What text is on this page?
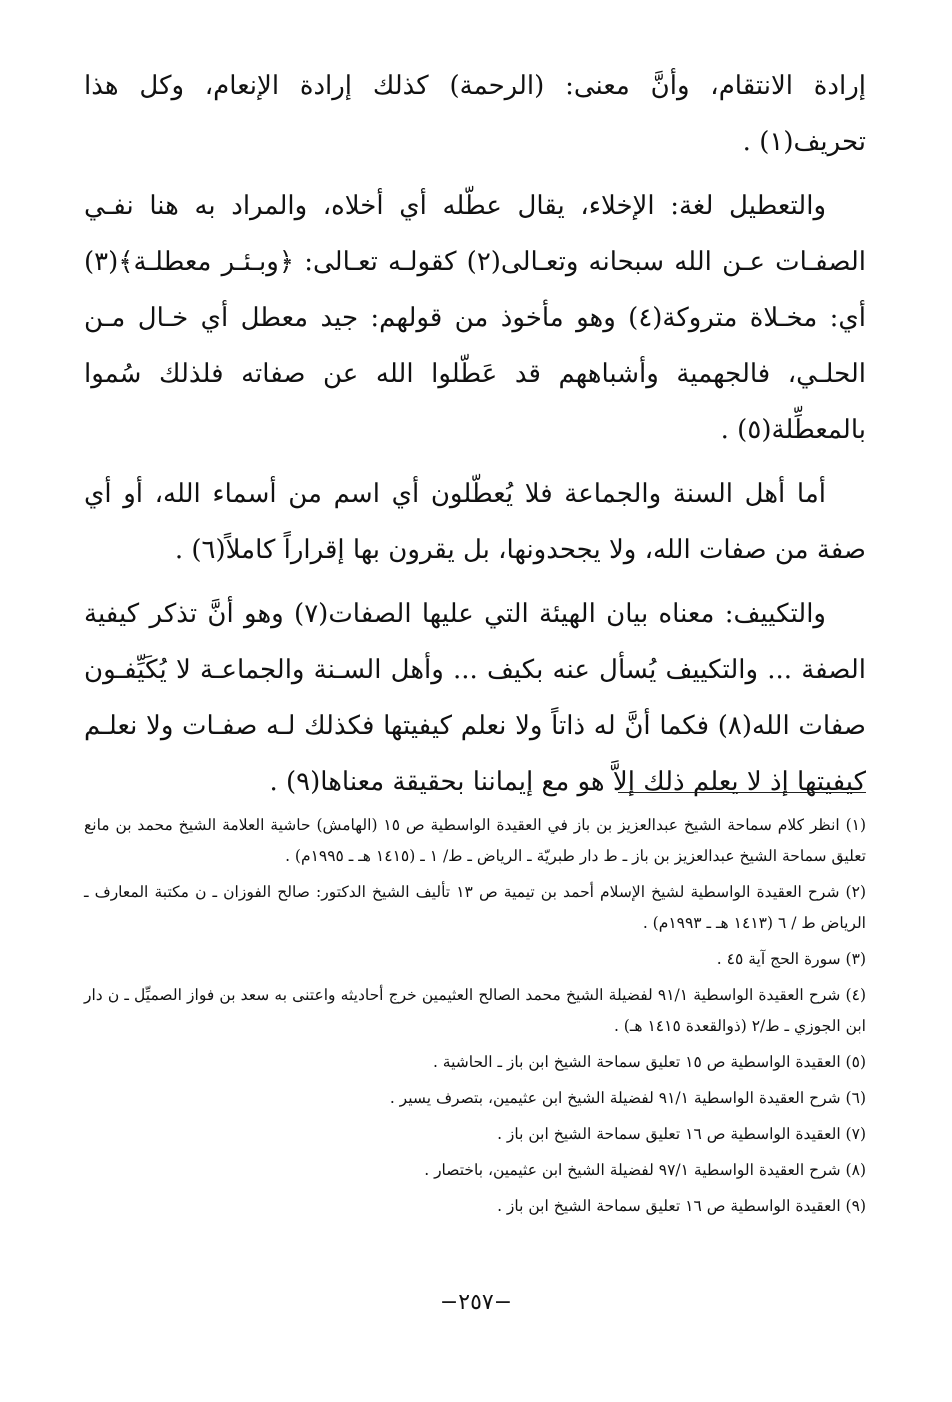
إرادة الانتقام، وأنَّ معنى: (الرحمة) كذلك إرادة الإنعام، وكل هذا تحريف(١) .

والتعطيل لغة: الإخلاء، يقال عطّله أي أخلاه، والمراد به هنا نفـي الصفـات عـن الله سبحانه وتعـالى(٢) كقولـه تعـالى: ﴿وبـئـر معطلـة﴾(٣) أي: مخـلاة متروكة(٤) وهو مأخوذ من قولهم: جيد معطل أي خـال مـن الحلـي، فالجهمية وأشباههم قد عَطّلوا الله عن صفاته فلذلك سُموا بالمعطِّلة(٥) .

أما أهل السنة والجماعة فلا يُعطّلون أي اسم من أسماء الله، أو أي صفة من صفات الله، ولا يجحدونها، بل يقرون بها إقراراً كاملاً(٦) .

والتكييف: معناه بيان الهيئة التي عليها الصفات(٧) وهو أنَّ تذكر كيفية الصفة ... والتكييف يُسأل عنه بكيف ... وأهل السـنة والجماعـة لا يُكَيِّفـون صفات الله(٨) فكما أنَّ له ذاتاً ولا نعلم كيفيتها فكذلك لـه صفـات ولا نعلـم كيفيتها إذ لا يعلم ذلك إلاَّ هو مع إيماننا بحقيقة معناها(٩) .

(١) انظر كلام سماحة الشيخ عبدالعزيز بن باز في العقيدة الواسطية ص ١٥ (الهامش) حاشية العلامة الشيخ محمد بن مانع تعليق سماحة الشيخ عبدالعزيز بن باز ـ ط دار طبريّة ـ الرياض ـ ط/ ١ ـ (١٤١٥ هـ ـ ١٩٩٥م) .
(٢) شرح العقيدة الواسطية لشيخ الإسلام أحمد بن تيمية ص ١٣ تأليف الشيخ الدكتور: صالح الفوزان ـ ن مكتبة المعارف ـ الرياض ط / ٦ (١٤١٣ هـ ـ ١٩٩٣م) .
(٣) سورة الحج آية ٤٥ .
(٤) شرح العقيدة الواسطية ٩١/١ لفضيلة الشيخ محمد الصالح العثيمين خرج أحاديثه واعتنى به سعد بن فواز الصميِّل ـ ن دار ابن الجوزي ـ ط/٢ (ذوالقعدة ١٤١٥ هـ) .
(٥) العقيدة الواسطية ص ١٥ تعليق سماحة الشيخ ابن باز ـ الحاشية .
(٦) شرح العقيدة الواسطية ٩١/١ لفضيلة الشيخ ابن عثيمين، بتصرف يسير .
(٧) العقيدة الواسطية ص ١٦ تعليق سماحة الشيخ ابن باز .
(٨) شرح العقيدة الواسطية ٩٧/١ لفضيلة الشيخ ابن عثيمين، باختصار .
(٩) العقيدة الواسطية ص ١٦ تعليق سماحة الشيخ ابن باز .
−٢٥٧−
